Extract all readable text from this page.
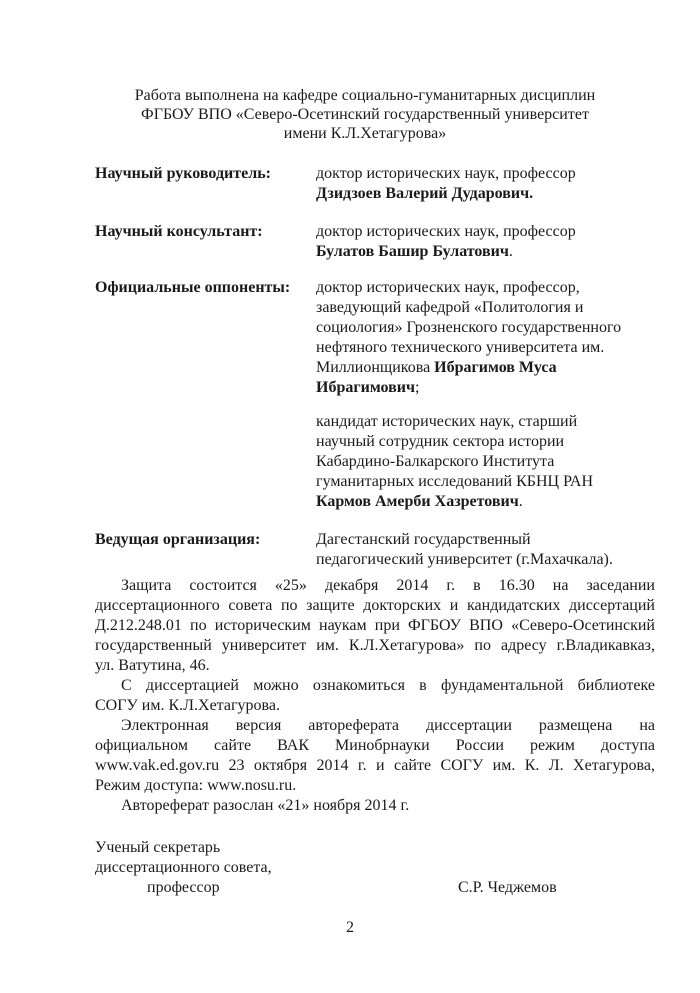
Работа выполнена на кафедре социально-гуманитарных дисциплин
ФГБОУ ВПО «Северо-Осетинский государственный университет
имени К.Л.Хетагурова»
Научный руководитель:	доктор исторических наук, профессор
Дзидзоев Валерий Дударович.
Научный консультант:	доктор исторических наук, профессор
Булатов Башир Булатович.
Официальные оппоненты: доктор исторических наук, профессор,
заведующий кафедрой «Политология и
социология» Грозненского государственного
нефтяного технического университета им.
Миллионщикова Ибрагимов Муса
Ибрагимович;
кандидат исторических наук, старший
научный сотрудник сектора истории
Кабардино-Балкарского Института
гуманитарных исследований КБНЦ РАН
Кармов Амерби Хазретович.
Ведущая организация:	Дагестанский государственный
педагогический университет (г.Махачкала).
Защита состоится «25» декабря 2014 г. в 16.30 на заседании
диссертационного совета по защите докторских и кандидатских диссертаций
Д.212.248.01 по историческим наукам при ФГБОУ ВПО «Северо-Осетинский
государственный университет им. К.Л.Хетагурова» по адресу г.Владикавказ,
ул. Ватутина, 46.
С диссертацией можно ознакомиться в фундаментальной библиотеке
СОГУ им. К.Л.Хетагурова.
Электронная версия автореферата диссертации размещена на
официальном сайте ВАК Минобрнауки России режим доступа
www.vak.ed.gov.ru 23 октября 2014 г. и сайте СОГУ им. К. Л. Хетагурова,
Режим доступа: www.nosu.ru.
Автореферат разослан «21» ноября 2014 г.
Ученый секретарь
диссертационного совета,
профессор	С.Р. Чеджемов
2
